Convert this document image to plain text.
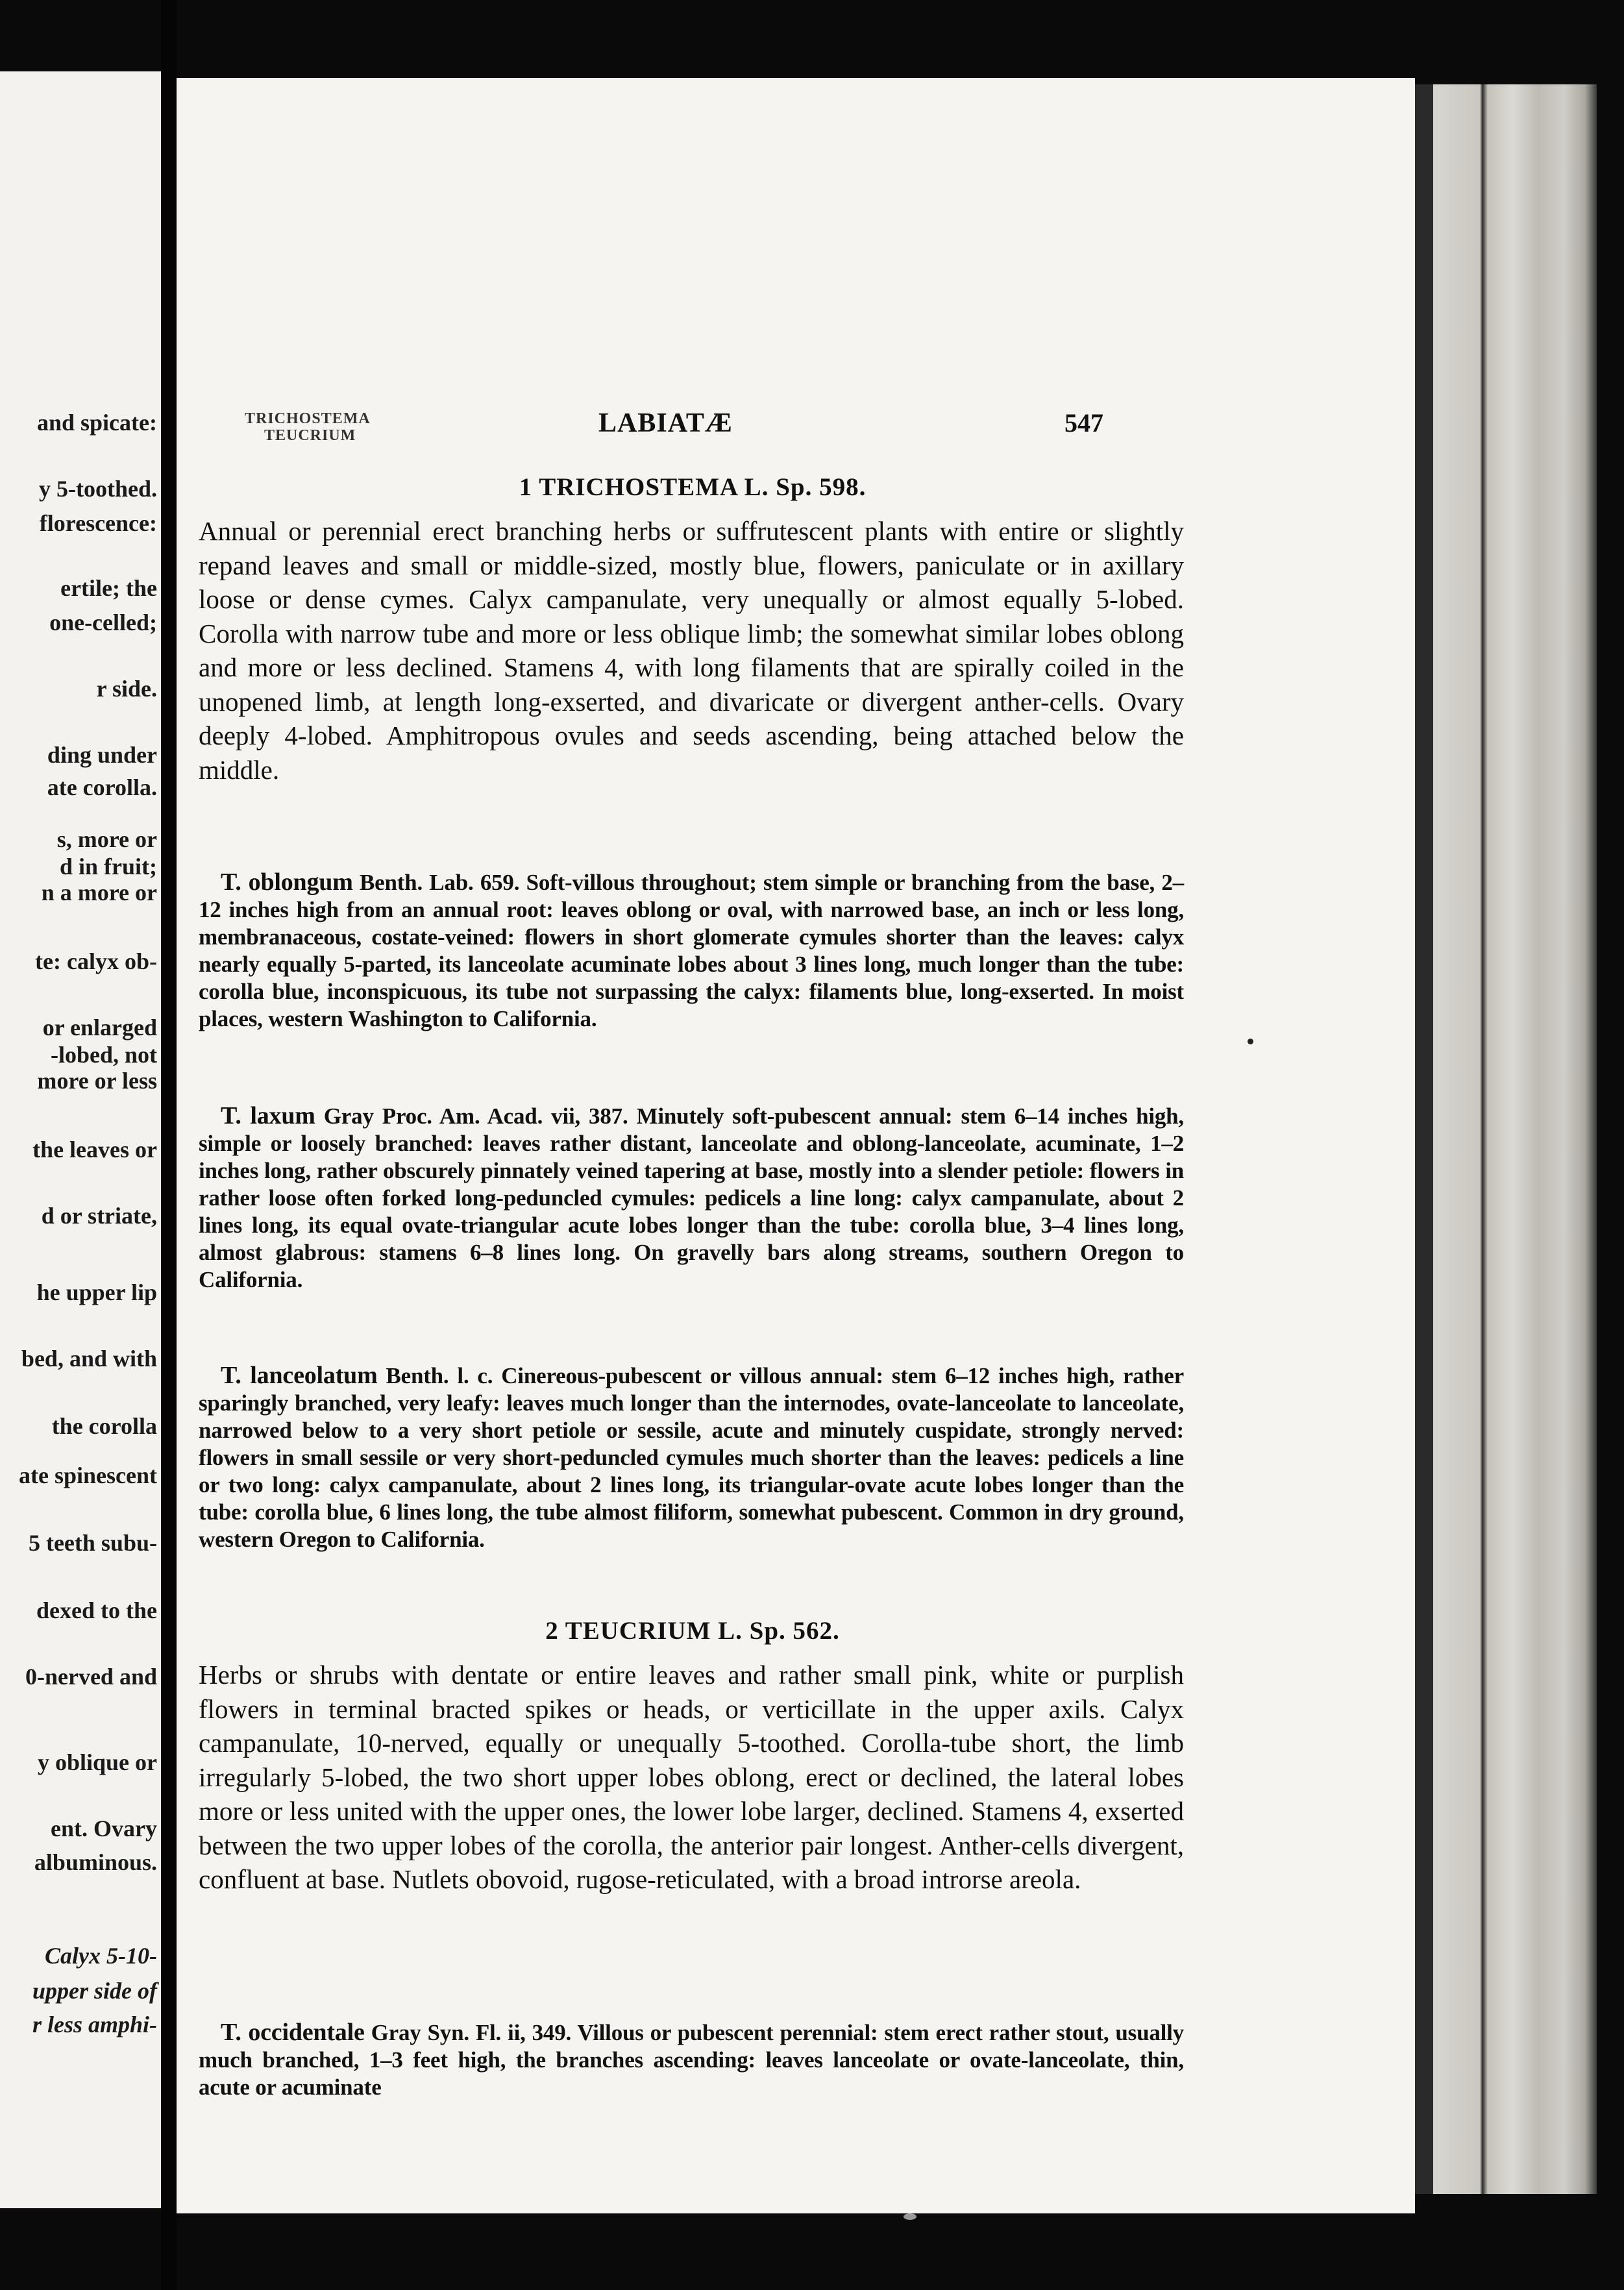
and spicate:
y 5-toothed.
florescence:
ertile; the
one-celled;
r side.
ding under
ate corolla.
s, more or
d in fruit;
n a more or
te: calyx ob-
or enlarged
-lobed, not
more or less
the leaves or
d or striate,
he upper lip
bed, and with
the corolla
ate spinescent
5 teeth subu-
dexed to the
0-nerved and
y oblique or
ent. Ovary
albuminous.
Calyx 5-10-
upper side of
r less amphi-
TRICHOSTEMA
TEUCRIUM	LABIATÆ	547
1 TRICHOSTEMA L. Sp. 598.
Annual or perennial erect branching herbs or suffrutescent plants with entire or slightly repand leaves and small or middle-sized, mostly blue, flowers, paniculate or in axillary loose or dense cymes. Calyx campanulate, very unequally or almost equally 5-lobed. Corolla with narrow tube and more or less oblique limb; the somewhat similar lobes oblong and more or less declined. Stamens 4, with long filaments that are spirally coiled in the unopened limb, at length long-exserted, and divaricate or divergent anther-cells. Ovary deeply 4-lobed. Amphitropous ovules and seeds ascending, being attached below the middle.
T. oblongum Benth. Lab. 659. Soft-villous throughout; stem simple or branching from the base, 2–12 inches high from an annual root: leaves oblong or oval, with narrowed base, an inch or less long, membranaceous, costate-veined: flowers in short glomerate cymules shorter than the leaves: calyx nearly equally 5-parted, its lanceolate acuminate lobes about 3 lines long, much longer than the tube: corolla blue, inconspicuous, its tube not surpassing the calyx: filaments blue, long-exserted. In moist places, western Washington to California.
T. laxum Gray Proc. Am. Acad. vii, 387. Minutely soft-pubescent annual: stem 6–14 inches high, simple or loosely branched: leaves rather distant, lanceolate and oblong-lanceolate, acuminate, 1–2 inches long, rather obscurely pinnately veined tapering at base, mostly into a slender petiole: flowers in rather loose often forked long-peduncled cymules: pedicels a line long: calyx campanulate, about 2 lines long, its equal ovate-triangular acute lobes longer than the tube: corolla blue, 3–4 lines long, almost glabrous: stamens 6–8 lines long. On gravelly bars along streams, southern Oregon to California.
T. lanceolatum Benth. l. c. Cinereous-pubescent or villous annual: stem 6–12 inches high, rather sparingly branched, very leafy: leaves much longer than the internodes, ovate-lanceolate to lanceolate, narrowed below to a very short petiole or sessile, acute and minutely cuspidate, strongly nerved: flowers in small sessile or very short-peduncled cymules much shorter than the leaves: pedicels a line or two long: calyx campanulate, about 2 lines long, its triangular-ovate acute lobes longer than the tube: corolla blue, 6 lines long, the tube almost filiform, somewhat pubescent. Common in dry ground, western Oregon to California.
2 TEUCRIUM L. Sp. 562.
Herbs or shrubs with dentate or entire leaves and rather small pink, white or purplish flowers in terminal bracted spikes or heads, or verticillate in the upper axils. Calyx campanulate, 10-nerved, equally or unequally 5-toothed. Corolla-tube short, the limb irregularly 5-lobed, the two short upper lobes oblong, erect or declined, the lateral lobes more or less united with the upper ones, the lower lobe larger, declined. Stamens 4, exserted between the two upper lobes of the corolla, the anterior pair longest. Anther-cells divergent, confluent at base. Nutlets obovoid, rugose-reticulated, with a broad introrse areola.
T. occidentale Gray Syn. Fl. ii, 349. Villous or pubescent perennial: stem erect rather stout, usually much branched, 1–3 feet high, the branches ascending: leaves lanceolate or ovate-lanceolate, thin, acute or acuminate
